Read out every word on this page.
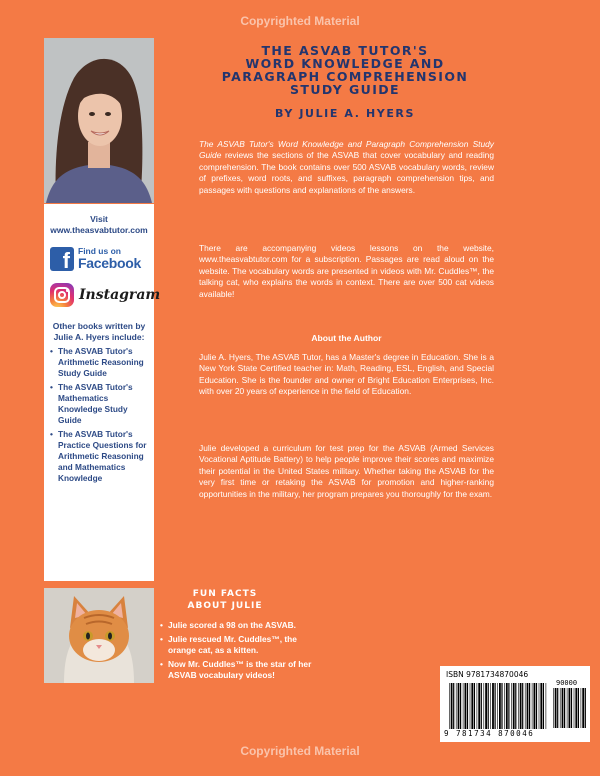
Copyrighted Material
Visit
www.theasvabtutor.com
f Find us on
Facebook
Instagram
Other books written by Julie A. Hyers include:
• The ASVAB Tutor's Arithmetic Reasoning Study Guide
• The ASVAB Tutor's Mathematics Knowledge Study Guide
• The ASVAB Tutor's Practice Questions for Arithmetic Reasoning and Mathematics Knowledge
THE ASVAB TUTOR'S
WORD KNOWLEDGE AND
PARAGRAPH COMPREHENSION
STUDY GUIDE
BY JULIE A. HYERS

The ASVAB Tutor's Word Knowledge and Paragraph Comprehension Study Guide reviews the sections of the ASVAB that cover vocabulary and reading comprehension. The book contains over 500 ASVAB vocabulary words, review of prefixes, word roots, and suffixes, paragraph comprehension tips, and passages with questions and explanations of the answers.

There are accompanying videos lessons on the website, www.theasvabtutor.com for a subscription. Passages are read aloud on the website. The vocabulary words are presented in videos with Mr. Cuddles™, the talking cat, who explains the words in context. There are over 500 cat videos available!

About the Author

Julie A. Hyers, The ASVAB Tutor, has a Master's degree in Education. She is a New York State Certified teacher in: Math, Reading, ESL, English, and Special Education. She is the founder and owner of Bright Education Enterprises, Inc. with over 20 years of experience in the field of Education.

Julie developed a curriculum for test prep for the ASVAB (Armed Services Vocational Aptitude Battery) to help people improve their scores and maximize their potential in the United States military. Whether taking the ASVAB for the very first time or retaking the ASVAB for promotion and higher-ranking opportunities in the military, her program prepares you thoroughly for the exam.

FUN FACTS
ABOUT JULIE
• Julie scored a 98 on the ASVAB.
• Julie rescued Mr. Cuddles™, the orange cat, as a kitten.
• Now Mr. Cuddles™ is the star of her ASVAB vocabulary videos!	ISBN 9781734870046
90000
9 781734 870046
Copyrighted Material
